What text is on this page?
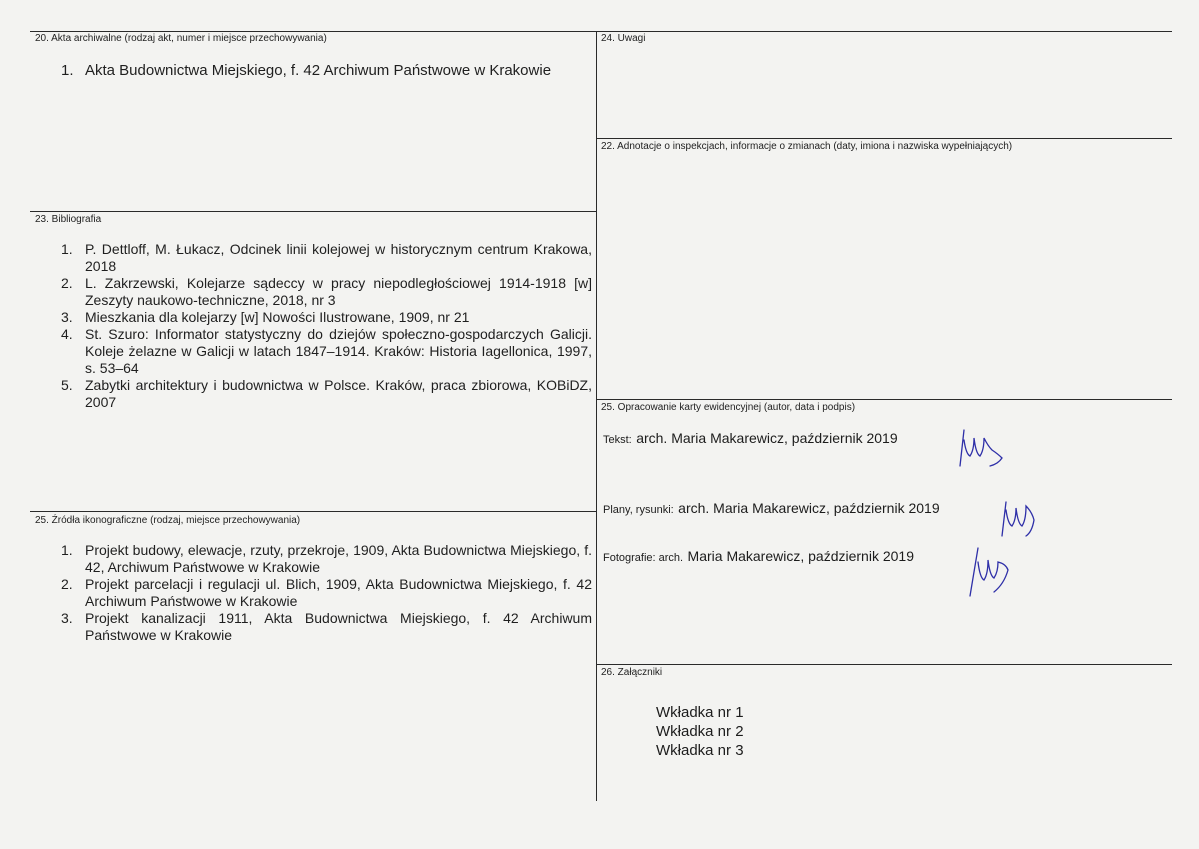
20. Akta archiwalne (rodzaj akt, numer i miejsce przechowywania)
1. Akta Budownictwa Miejskiego, f. 42 Archiwum Państwowe w Krakowie
23. Bibliografia
1. P. Dettloff, M. Łukacz, Odcinek linii kolejowej w historycznym centrum Krakowa, 2018
2. L. Zakrzewski, Kolejarze sądeccy w pracy niepodległościowej 1914-1918 [w] Zeszyty naukowo-techniczne, 2018, nr 3
3. Mieszkania dla kolejarzy [w] Nowości Ilustrowane, 1909, nr 21
4. St. Szuro: Informator statystyczny do dziejów społeczno-gospodarczych Galicji. Koleje żelazne w Galicji w latach 1847–1914. Kraków: Historia Iagellonica, 1997, s. 53–64
5. Zabytki architektury i budownictwa w Polsce. Kraków, praca zbiorowa, KOBiDZ, 2007
25. Źródła ikonograficzne (rodzaj, miejsce przechowywania)
1. Projekt budowy, elewacje, rzuty, przekroje, 1909, Akta Budownictwa Miejskiego, f. 42, Archiwum Państwowe w Krakowie
2. Projekt parcelacji i regulacji ul. Blich, 1909, Akta Budownictwa Miejskiego, f. 42 Archiwum Państwowe w Krakowie
3. Projekt kanalizacji 1911, Akta Budownictwa Miejskiego, f. 42 Archiwum Państwowe w Krakowie
24. Uwagi
22. Adnotacje o inspekcjach, informacje o zmianach (daty, imiona i nazwiska wypełniających)
25. Opracowanie karty ewidencyjnej (autor, data i podpis)
Tekst: arch. Maria Makarewicz, październik 2019
Plany, rysunki: arch. Maria Makarewicz, październik 2019
Fotografie: arch. Maria Makarewicz, październik 2019
26. Załączniki
Wkładka nr 1
Wkładka nr 2
Wkładka nr 3
